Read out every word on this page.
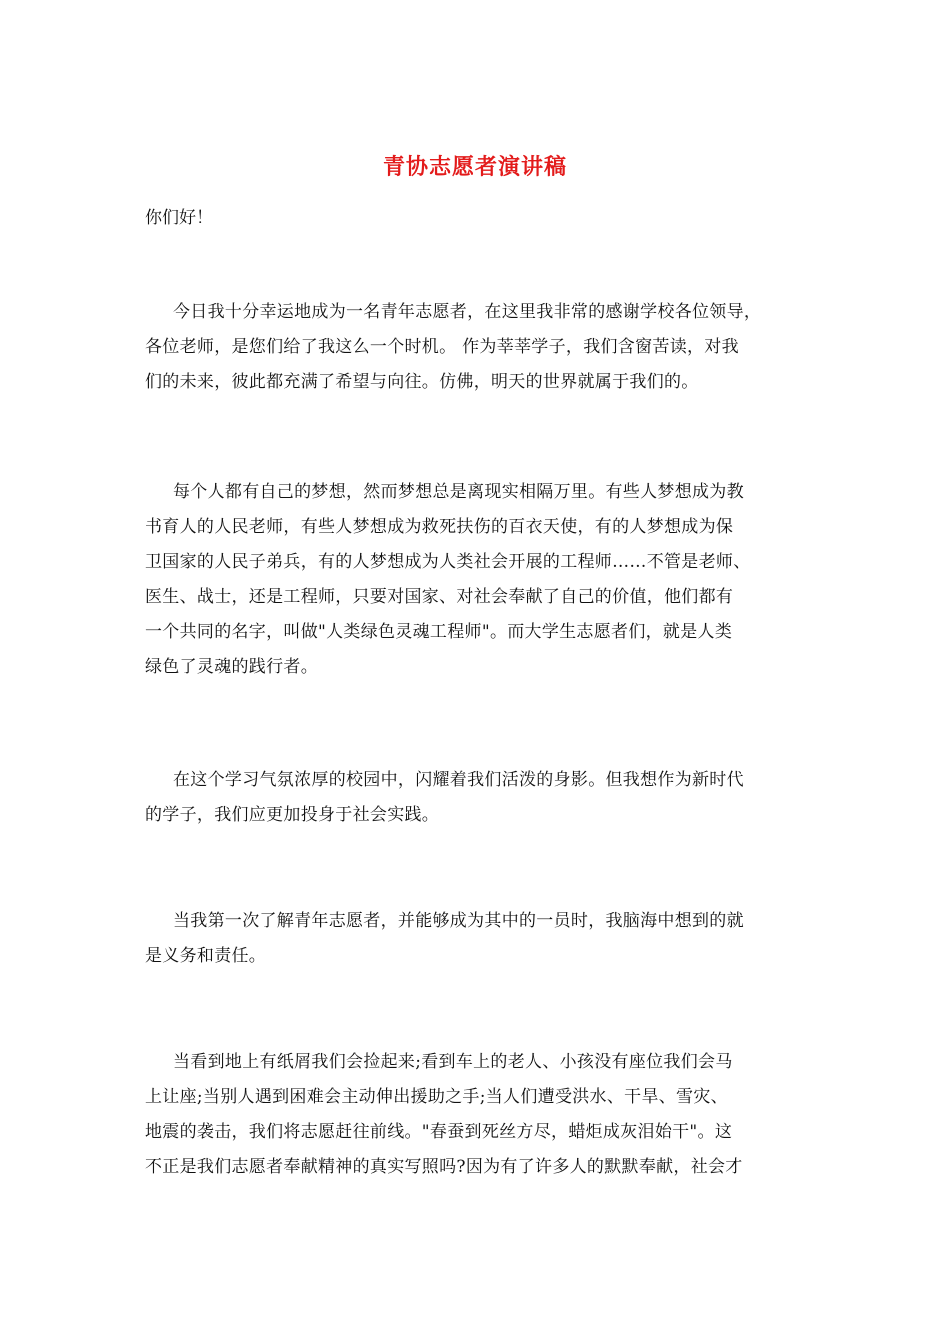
青协志愿者演讲稿
你们好！
今日我十分幸运地成为一名青年志愿者，在这里我非常的感谢学校各位领导，
各位老师，是您们给了我这么一个时机。 作为莘莘学子，我们含窗苦读，对我
们的未来，彼此都充满了希望与向往。仿佛，明天的世界就属于我们的。
每个人都有自己的梦想，然而梦想总是离现实相隔万里。有些人梦想成为教
书育人的人民老师，有些人梦想成为救死扶伤的百衣天使，有的人梦想成为保
卫国家的人民子弟兵，有的人梦想成为人类社会开展的工程师……不管是老师、
医生、战士，还是工程师，只要对国家、对社会奉献了自己的价值，他们都有
一个共同的名字，叫做"人类绿色灵魂工程师"。而大学生志愿者们，就是人类
绿色了灵魂的践行者。
在这个学习气氛浓厚的校园中，闪耀着我们活泼的身影。但我想作为新时代
的学子，我们应更加投身于社会实践。
当我第一次了解青年志愿者，并能够成为其中的一员时，我脑海中想到的就
是义务和责任。
当看到地上有纸屑我们会捡起来;看到车上的老人、小孩没有座位我们会马
上让座;当别人遇到困难会主动伸出援助之手;当人们遭受洪水、干旱、雪灾、
地震的袭击，我们将志愿赶往前线。"春蚕到死丝方尽，蜡炬成灰泪始干"。这
不正是我们志愿者奉献精神的真实写照吗?因为有了许多人的默默奉献，社会才
